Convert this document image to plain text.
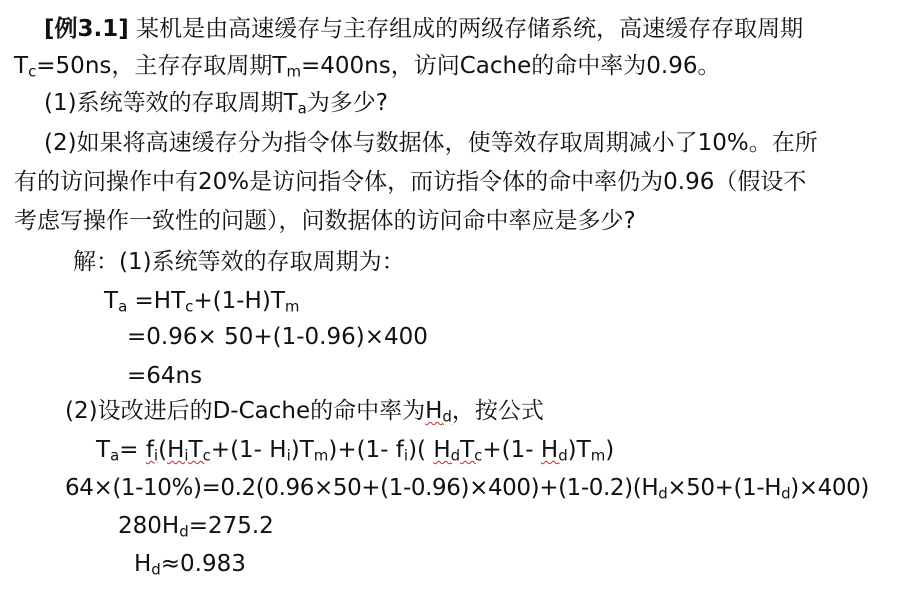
[例3.1] 某机是由高速缓存与主存组成的两级存储系统，高速缓存存取周期
$T_c=50ns$，主存存取周期$T_m=400ns$，访问Cache的命中率为0.96。
(1)系统等效的存取周期$T_a$为多少?
(2)如果将高速缓存分为指令体与数据体，使等效存取周期减小了10%。在所
有的访问操作中有20%是访问指令体，而访指令体的命中率仍为0.96（假设不
考虑写操作一致性的问题），问数据体的访问命中率应是多少?
解：(1)系统等效的存取周期为：
$T_a =HT_c+(1-H)T_m$
=0.96× 50+(1-0.96)×400
=64ns
(2)设改进后的D-Cache的命中率为$H_d$，按公式
$T_a= f_i(H_iT_c+(1-$ $H_i)T_m)+(1-$ $f_i$)( $H_dT_c+(1-$ $H_d)T_m$)
$64\times(1-10\%)=0.2(0.96\times 50+(1-0.96)\times 400)+(1-0.2)(H_d\times 50+(1-H_d)\times 400)$
$280H_d=275.2$
$H_d\approx 0.983$
